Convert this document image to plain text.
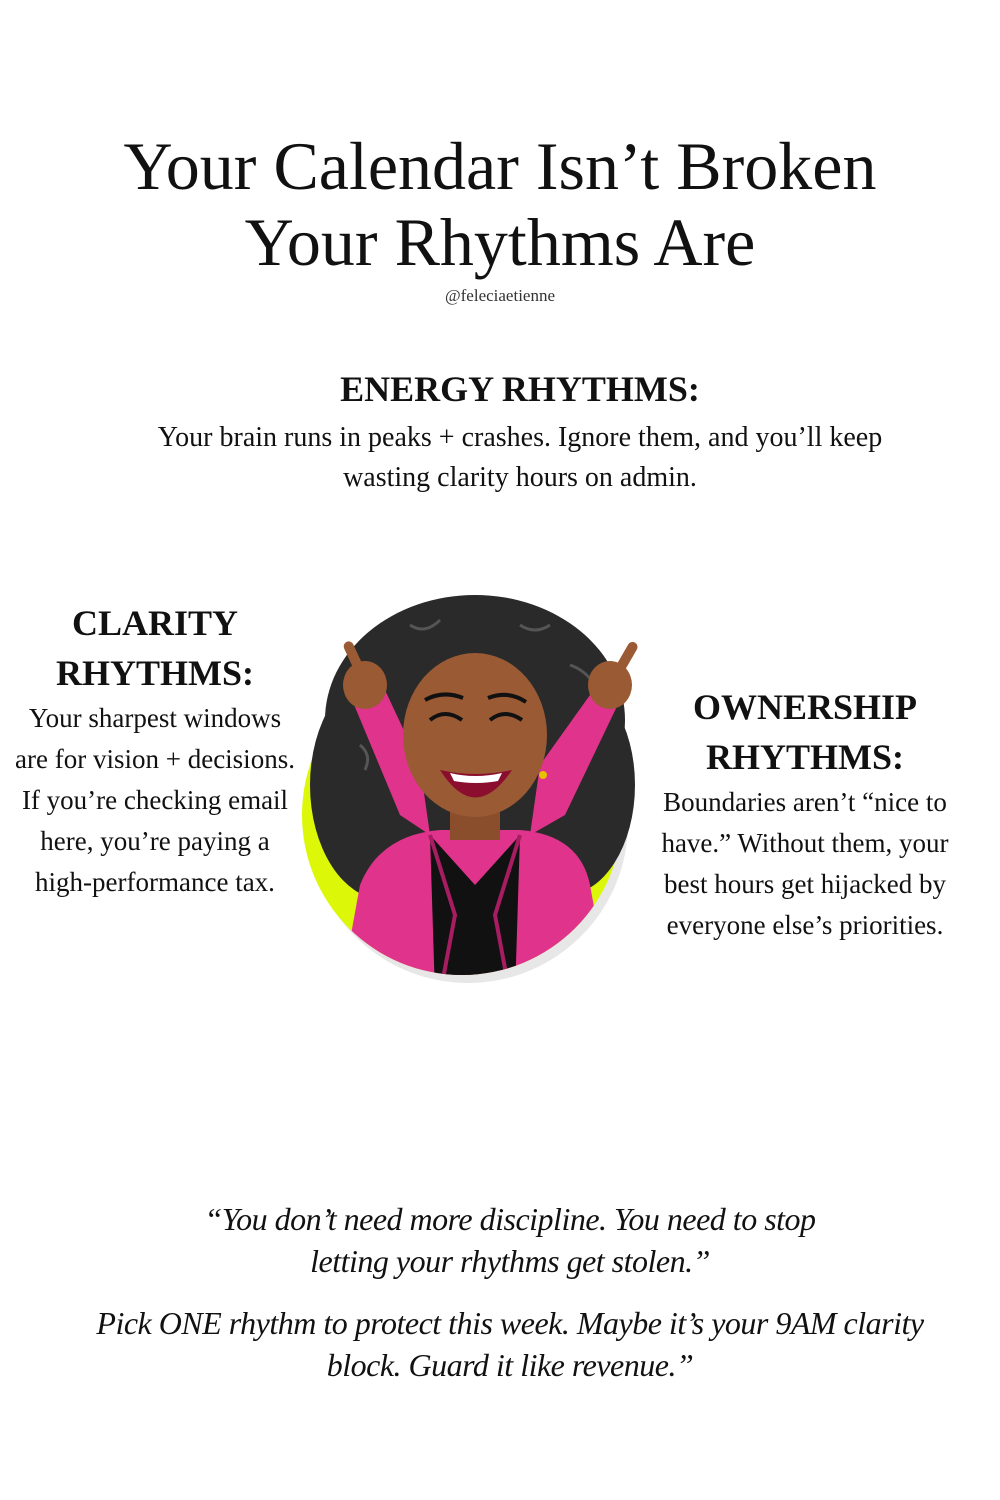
Your Calendar Isn’t Broken
Your Rhythms Are
@feleciaetienne
ENERGY RHYTHMS:
Your brain runs in peaks + crashes. Ignore them, and you’ll keep wasting clarity hours on admin.
CLARITY RHYTHMS:
Your sharpest windows are for vision + decisions. If you’re checking email here, you’re paying a high-performance tax.
OWNERSHIP RHYTHMS:
Boundaries aren’t “nice to have.” Without them, your best hours get hijacked by everyone else’s priorities.
“You don’t need more discipline. You need to stop letting your rhythms get stolen.”
Pick ONE rhythm to protect this week. Maybe it’s your 9AM clarity block. Guard it like revenue.”
